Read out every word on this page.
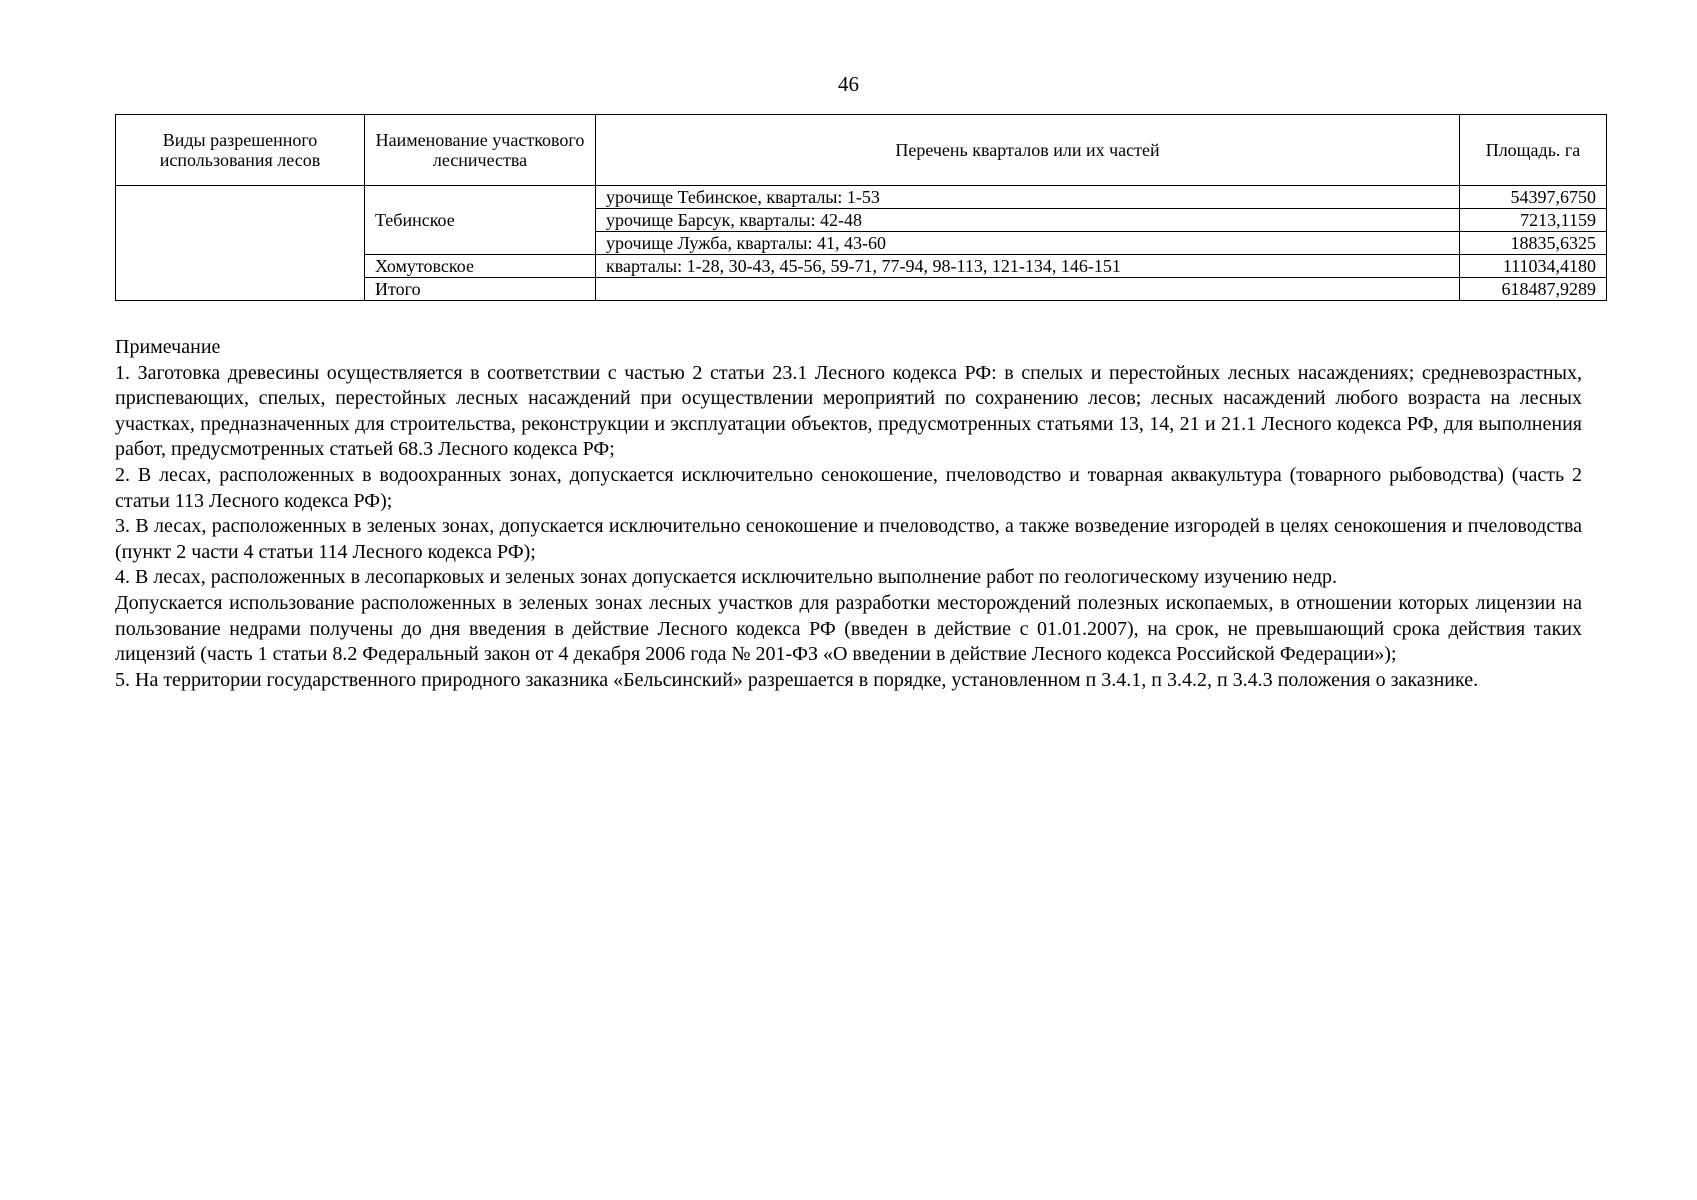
46
Виды разрешенного использования лесов	Наименование участкового лесничества	Перечень кварталов или их частей	Площадь. га
	Тебинское	урочище Тебинское, кварталы: 1-53	54397,6750
		урочище Барсук, кварталы: 42-48	7213,1159
		урочище Лужба, кварталы: 41, 43-60	18835,6325
	Хомутовское	кварталы: 1-28, 30-43, 45-56, 59-71, 77-94, 98-113, 121-134, 146-151	111034,4180
	Итого		618487,9289

Примечание

1. Заготовка древесины осуществляется в соответствии с частью 2 статьи 23.1 Лесного кодекса РФ: в спелых и перестойных лесных насаждениях; средневозрастных, приспевающих, спелых, перестойных лесных насаждений при осуществлении мероприятий по сохранению лесов; лесных насаждений любого возраста на лесных участках, предназначенных для строительства, реконструкции и эксплуатации объектов, предусмотренных статьями 13, 14, 21 и 21.1 Лесного кодекса РФ, для выполнения работ, предусмотренных статьей 68.3 Лесного кодекса РФ;

2. В лесах, расположенных в водоохранных зонах, допускается исключительно сенокошение, пчеловодство и товарная аквакультура (товарного рыбоводства) (часть 2 статьи 113 Лесного кодекса РФ);

3. В лесах, расположенных в зеленых зонах, допускается исключительно сенокошение и пчеловодство, а также возведение изгородей в целях сенокошения и пчеловодства (пункт 2 части 4 статьи 114 Лесного кодекса РФ);

4. В лесах, расположенных в лесопарковых и зеленых зонах допускается исключительно выполнение работ по геологическому изучению недр.

Допускается использование расположенных в зеленых зонах лесных участков для разработки месторождений полезных ископаемых, в отношении которых лицензии на пользование недрами получены до дня введения в действие Лесного кодекса РФ (введен в действие с 01.01.2007), на срок, не превышающий срока действия таких лицензий (часть 1 статьи 8.2 Федеральный закон от 4 декабря 2006 года № 201-ФЗ «О введении в действие Лесного кодекса Российской Федерации»);

5. На территории государственного природного заказника «Бельсинский» разрешается в порядке, установленном п 3.4.1, п 3.4.2, п 3.4.3 положения о заказнике.
